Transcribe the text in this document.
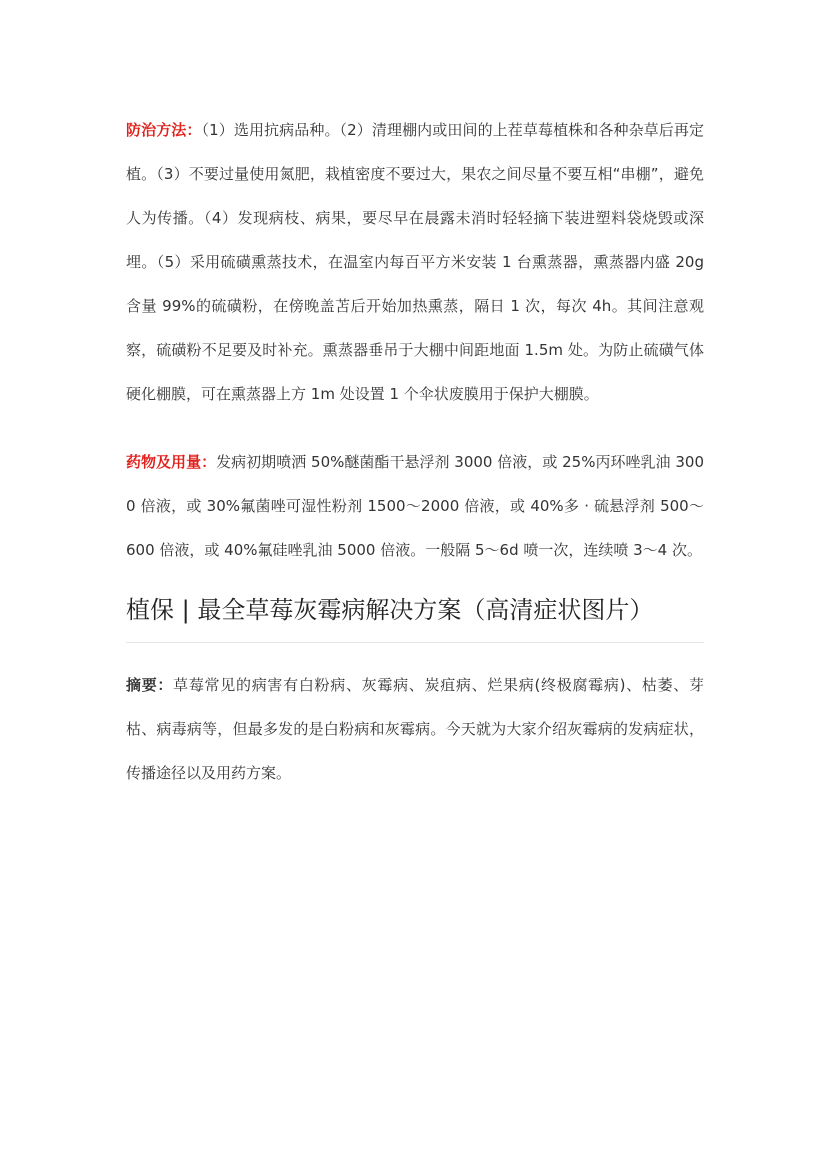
防治方法：（1）选用抗病品种。（2）清理棚内或田间的上茬草莓植株和各种杂草后再定植。（3）不要过量使用氮肥，栽植密度不要过大，果农之间尽量不要互相“串棚”，避免人为传播。（4）发现病枝、病果，要尽早在晨露未消时轻轻摘下装进塑料袋烧毁或深埋。（5）采用硫磺熏蒸技术，在温室内每百平方米安装 1 台熏蒸器，熏蒸器内盛 20g 含量 99%的硫磺粉，在傍晚盖苫后开始加热熏蒸，隔日 1 次，每次 4h。其间注意观察，硫磺粉不足要及时补充。熏蒸器垂吊于大棚中间距地面 1.5m 处。为防止硫磺气体硬化棚膜，可在熏蒸器上方 1m 处设置 1 个伞状废膜用于保护大棚膜。

药物及用量：发病初期喷洒 50%醚菌酯干悬浮剂 3000 倍液，或 25%丙环唑乳油 3000 倍液，或 30%氟菌唑可湿性粉剂 1500～2000 倍液，或 40%多 · 硫悬浮剂 500～600 倍液，或 40%氟硅唑乳油 5000 倍液。一般隔 5～6d 喷一次，连续喷 3～4 次。

植保 | 最全草莓灰霉病解决方案（高清症状图片）

摘要：草莓常见的病害有白粉病、灰霉病、炭疽病、烂果病(终极腐霉病)、枯萎、芽枯、病毒病等，但最多发的是白粉病和灰霉病。今天就为大家介绍灰霉病的发病症状，传播途径以及用药方案。
